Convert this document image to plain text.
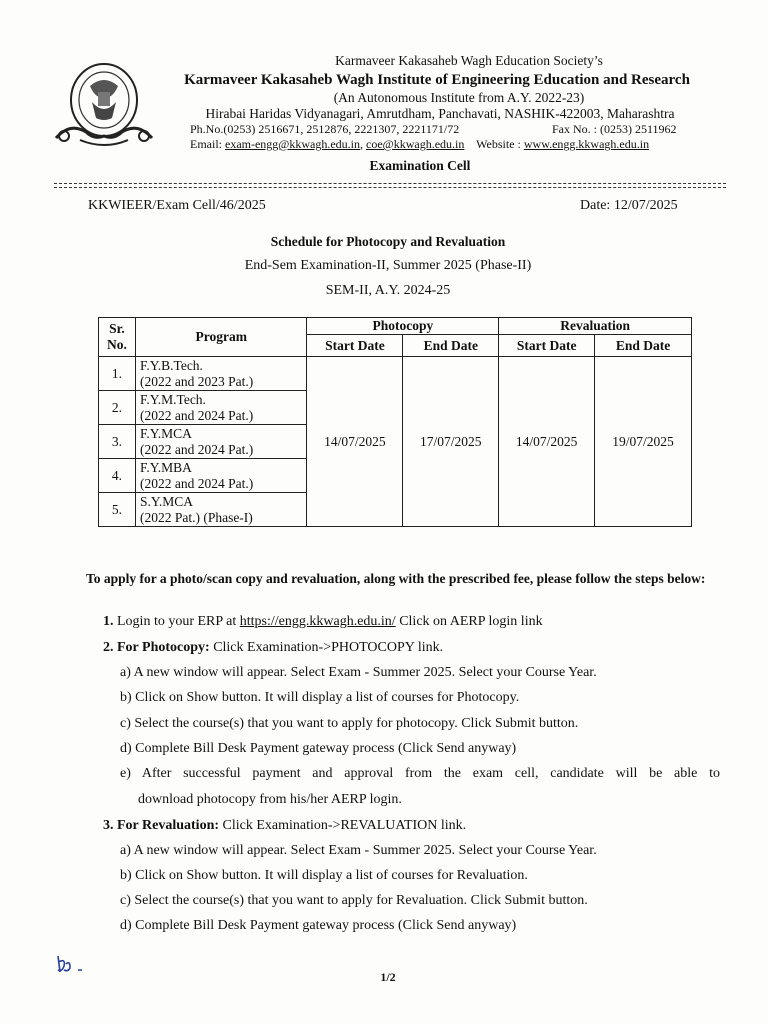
Karmaveer Kakasaheb Wagh Education Society’s
Karmaveer Kakasaheb Wagh Institute of Engineering Education and Research
(An Autonomous Institute from A.Y. 2022-23)
Hirabai Haridas Vidyanagari, Amrutdham, Panchavati, NASHIK-422003, Maharashtra
Ph.No.(0253) 2516671, 2512876, 2221307, 2221171/72	Fax No. : (0253) 2511962
Email: exam-engg@kkwagh.edu.in, coe@kkwagh.edu.in Website : www.engg.kkwagh.edu.in
Examination Cell
KKWIEER/Exam Cell/46/2025	Date: 12/07/2025
Schedule for Photocopy and Revaluation
End-Sem Examination-II, Summer 2025 (Phase-II)
SEM-II, A.Y. 2024-25
Sr.
No.	Program	Photocopy		Revaluation	
		Start Date	End Date	Start Date	End Date
1.	F.Y.B.Tech.
(2022 and 2023 Pat.)	14/07/2025	17/07/2025	14/07/2025	19/07/2025
2.	F.Y.M.Tech.
(2022 and 2024 Pat.)				

3.	F.Y.MCA
(2022 and 2024 Pat.)				

4.	F.Y.MBA
(2022 and 2024 Pat.)				

5.	S.Y.MCA
(2022 Pat.) (Phase-I)				
To apply for a photo/scan copy and revaluation, along with the prescribed fee, please follow the steps below:
1. Login to your ERP at https://engg.kkwagh.edu.in/ Click on AERP login link
2. For Photocopy: Click Examination->PHOTOCOPY link.
a) A new window will appear. Select Exam - Summer 2025. Select your Course Year.
b) Click on Show button. It will display a list of courses for Photocopy.
c) Select the course(s) that you want to apply for photocopy. Click Submit button.
d) Complete Bill Desk Payment gateway process (Click Send anyway)
e) After successful payment and approval from the exam cell, candidate will be able to
download photocopy from his/her AERP login.
3. For Revaluation: Click Examination->REVALUATION link.
a) A new window will appear. Select Exam - Summer 2025. Select your Course Year.
b) Click on Show button. It will display a list of courses for Revaluation.
c) Select the course(s) that you want to apply for Revaluation. Click Submit button.
d) Complete Bill Desk Payment gateway process (Click Send anyway)
1/2
